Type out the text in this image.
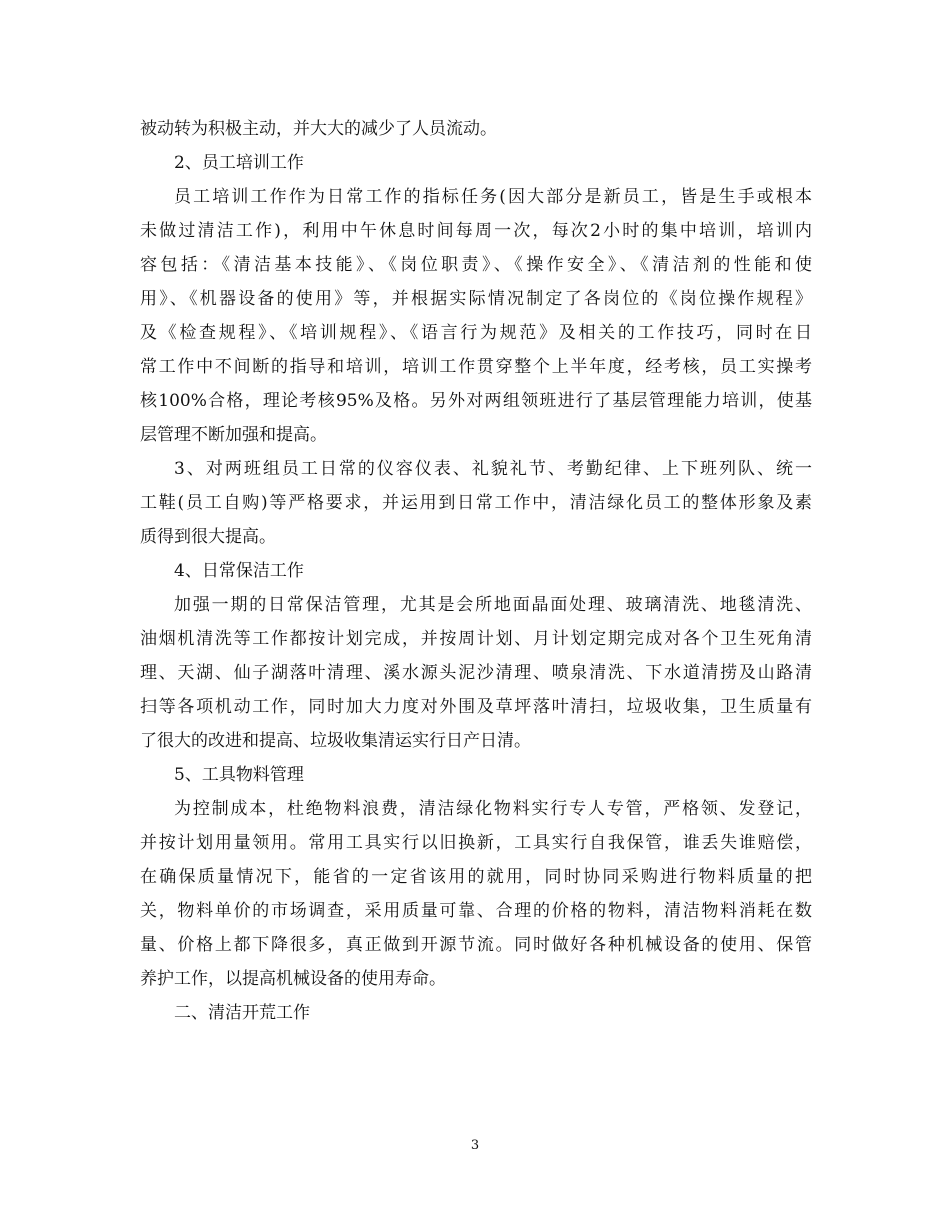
被动转为积极主动，并大大的减少了人员流动。
2、员工培训工作
员工培训工作作为日常工作的指标任务(因大部分是新员工，皆是生手或根本
未做过清洁工作)，利用中午休息时间每周一次，每次2小时的集中培训，培训内
容包括：《清洁基本技能》、《岗位职责》、《操作安全》、《清洁剂的性能和使
用》、《机器设备的使用》等，并根据实际情况制定了各岗位的《岗位操作规程》
及《检查规程》、《培训规程》、《语言行为规范》及相关的工作技巧，同时在日
常工作中不间断的指导和培训，培训工作贯穿整个上半年度，经考核，员工实操考
核100%合格，理论考核95%及格。另外对两组领班进行了基层管理能力培训，使基
层管理不断加强和提高。
3、对两班组员工日常的仪容仪表、礼貌礼节、考勤纪律、上下班列队、统一
工鞋(员工自购)等严格要求，并运用到日常工作中，清洁绿化员工的整体形象及素
质得到很大提高。
4、日常保洁工作
加强一期的日常保洁管理，尤其是会所地面晶面处理、玻璃清洗、地毯清洗、
油烟机清洗等工作都按计划完成，并按周计划、月计划定期完成对各个卫生死角清
理、天湖、仙子湖落叶清理、溪水源头泥沙清理、喷泉清洗、下水道清捞及山路清
扫等各项机动工作，同时加大力度对外围及草坪落叶清扫，垃圾收集，卫生质量有
了很大的改进和提高、垃圾收集清运实行日产日清。
5、工具物料管理
为控制成本，杜绝物料浪费，清洁绿化物料实行专人专管，严格领、发登记，
并按计划用量领用。常用工具实行以旧换新，工具实行自我保管，谁丢失谁赔偿，
在确保质量情况下，能省的一定省该用的就用，同时协同采购进行物料质量的把
关，物料单价的市场调查，采用质量可靠、合理的价格的物料，清洁物料消耗在数
量、价格上都下降很多，真正做到开源节流。同时做好各种机械设备的使用、保管
养护工作，以提高机械设备的使用寿命。
二、清洁开荒工作
3
